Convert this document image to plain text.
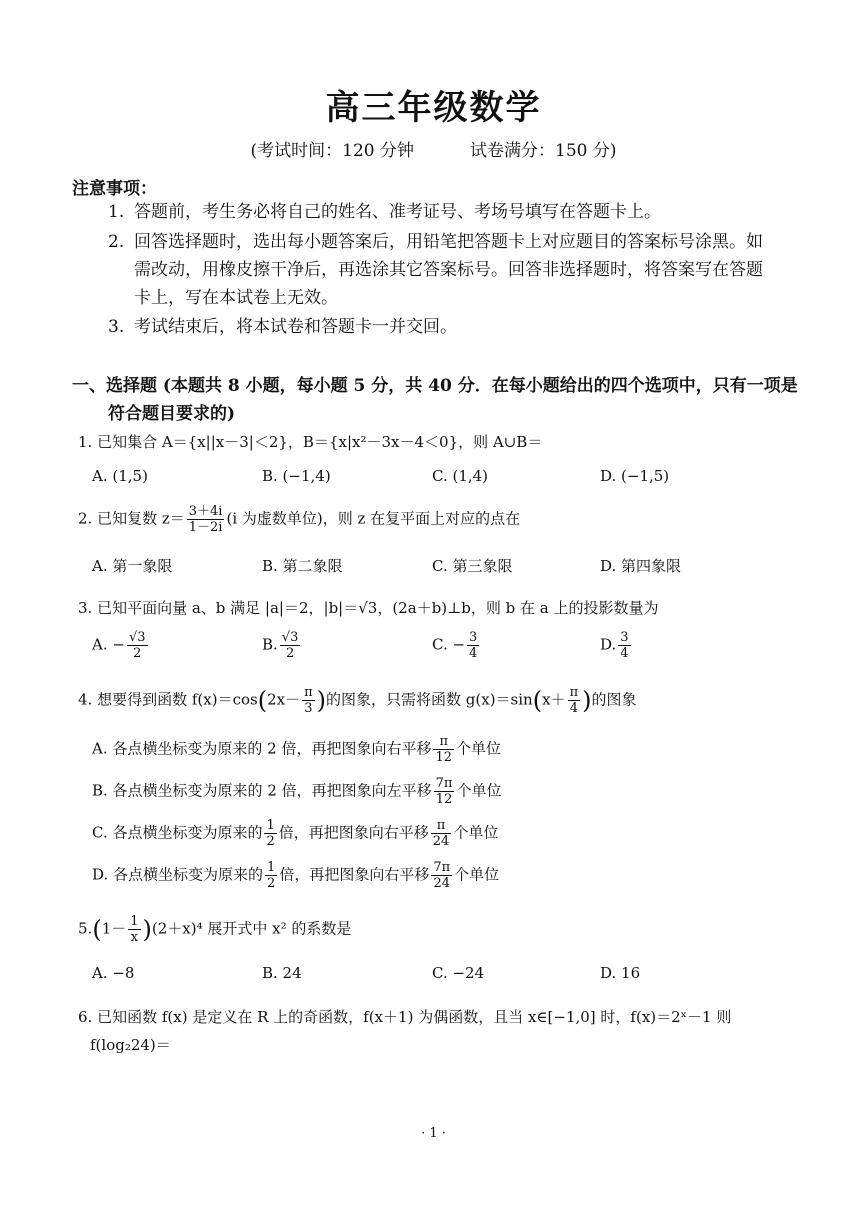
高三年级数学
(考试时间：120 分钟	试卷满分：150 分)
注意事项：
1. 答题前，考生务必将自己的姓名、准考证号、考场号填写在答题卡上。
2. 回答选择题时，选出每小题答案后，用铅笔把答题卡上对应题目的答案标号涂黑。如
需改动，用橡皮擦干净后，再选涂其它答案标号。回答非选择题时，将答案写在答题
卡上，写在本试卷上无效。
3. 考试结束后，将本试卷和答题卡一并交回。
一、选择题 (本题共 8 小题，每小题 5 分，共 40 分．在每小题给出的四个选项中，只有一项是
符合题目要求的)
1. 已知集合 A＝{x||x－3|＜2}，B＝{x|x²－3x－4＜0}，则 A∪B＝
A. (1,5)	B. (−1,4)	C. (1,4)	D. (−1,5)
2. 已知复数 $z= \frac{3+4i}{1-2i} (i$ 为虚数单位)，则 z 在复平面上对应的点在
A. 第一象限	B. 第二象限	C. 第三象限	D. 第四象限
3. 已知平面向量 a、b 满足 |a|＝2，|b|＝√3，(2a＋b)⊥b，则 b 在 a 上的投影数量为
A. − $\frac{√3}{2}$	B. $\frac{√3}{2}$	C. − $\frac{3}{4}$	D. $\frac{3}{4}$
4. 想要得到函数 $f(x)=\cos(2x- \frac{\pi}{3}$ )的图象，只需将函数 $g(x)=\sin(x+ \frac{\pi}{4}$ )的图象
A. 各点横坐标变为原来的 2 倍，再把图象向右平移 $\frac{\pi}{12}$ 个单位
B. 各点横坐标变为原来的 2 倍，再把图象向左平移 $\frac{7\pi}{12}$ 个单位
C. 各点横坐标变为原来的 $\frac{1}{2}$ 倍，再把图象向右平移 $\frac{\pi}{24}$ 个单位
D. 各点横坐标变为原来的 $\frac{1}{2}$ 倍，再把图象向右平移 $\frac{7\pi}{24}$ 个单位
$5.(1- \frac{1}{x} )(2+x)^4$ 展开式中 x² 的系数是
A. −8	B. 24	C. −24	D. 16
6. 已知函数 f(x) 是定义在 R 上的奇函数，f(x＋1) 为偶函数，且当 x∈[−1,0] 时，f(x)＝2ˣ－1 则
f(log₂24)＝
· 1 ·
